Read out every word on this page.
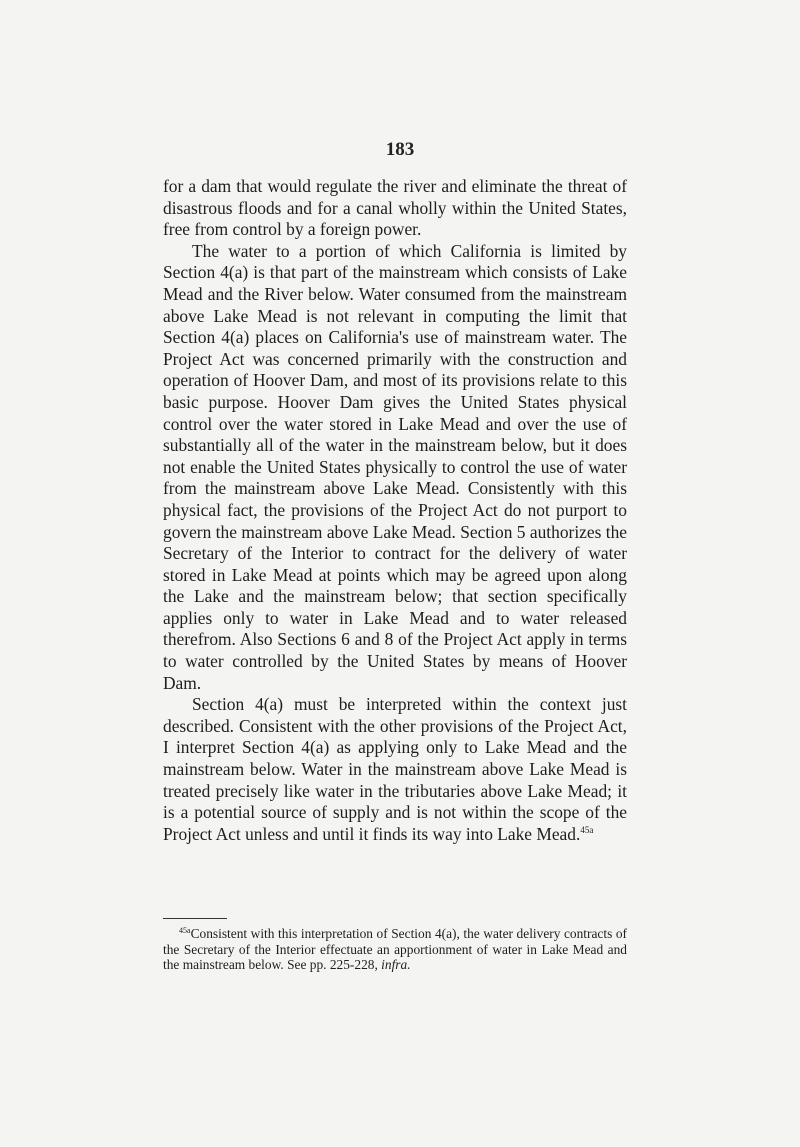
183

for a dam that would regulate the river and eliminate the threat of disastrous floods and for a canal wholly within the United States, free from control by a foreign power.

The water to a portion of which California is limited by Section 4(a) is that part of the mainstream which consists of Lake Mead and the River below. Water consumed from the mainstream above Lake Mead is not relevant in computing the limit that Section 4(a) places on California's use of mainstream water. The Project Act was concerned primarily with the construction and operation of Hoover Dam, and most of its provisions relate to this basic purpose. Hoover Dam gives the United States physical control over the water stored in Lake Mead and over the use of substantially all of the water in the mainstream below, but it does not enable the United States physically to control the use of water from the mainstream above Lake Mead. Consistently with this physical fact, the provisions of the Project Act do not purport to govern the mainstream above Lake Mead. Section 5 authorizes the Secretary of the Interior to contract for the delivery of water stored in Lake Mead at points which may be agreed upon along the Lake and the mainstream below; that section specifically applies only to water in Lake Mead and to water released therefrom. Also Sections 6 and 8 of the Project Act apply in terms to water controlled by the United States by means of Hoover Dam.

Section 4(a) must be interpreted within the context just described. Consistent with the other provisions of the Project Act, I interpret Section 4(a) as applying only to Lake Mead and the mainstream below. Water in the mainstream above Lake Mead is treated precisely like water in the tributaries above Lake Mead; it is a potential source of supply and is not within the scope of the Project Act unless and until it finds its way into Lake Mead.$^{45a}$

$^{45a}$Consistent with this interpretation of Section 4(a), the water delivery contracts of the Secretary of the Interior effectuate an apportionment of water in Lake Mead and the mainstream below. See pp. 225-228, infra.
